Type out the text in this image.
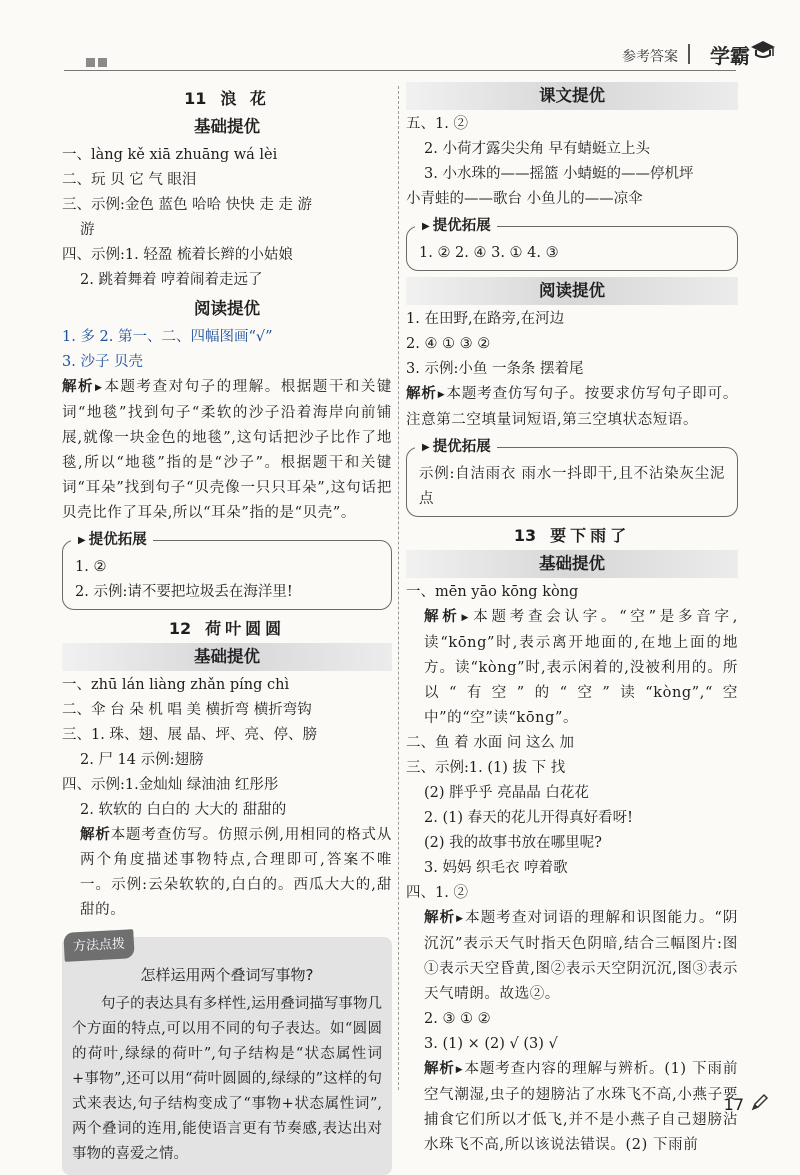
参考答案 学霸
11 浪 花
基础提优
一、làng kě xiā zhuāng wá lèi
二、玩 贝 它 气 眼泪
三、示例:金色 蓝色 哈哈 快快 走 走 游
游
四、示例:1. 轻盈 梳着长辫的小姑娘
2. 跳着舞着 哼着闹着走远了
阅读提优
1. 多 2. 第一、二、四幅图画“√”
3. 沙子 贝壳
解析▶本题考查对句子的理解。根据题干和关键词“地毯”找到句子“柔软的沙子沿着海岸向前铺展,就像一块金色的地毯”,这句话把沙子比作了地毯,所以“地毯”指的是“沙子”。根据题干和关键词“耳朵”找到句子“贝壳像一只只耳朵”,这句话把贝壳比作了耳朵,所以“耳朵”指的是“贝壳”。
▶ 提优拓展
1. ②
2. 示例:请不要把垃圾丢在海洋里!
12 荷叶圆圆
基础提优
一、zhū lán liàng zhǎn píng chì
二、伞 台 朵 机 唱 美 横折弯 横折弯钩
三、1. 珠、翅、展 晶、坪、亮、停、膀
2. 尸 14 示例:翅膀
四、示例:1.金灿灿 绿油油 红彤彤
2. 软软的 白白的 大大的 甜甜的
解析本题考查仿写。仿照示例,用相同的格式从两个角度描述事物特点,合理即可,答案不唯一。示例:云朵软软的,白白的。西瓜大大的,甜甜的。
方法点拨
怎样运用两个叠词写事物?
句子的表达具有多样性,运用叠词描写事物几个方面的特点,可以用不同的句子表达。如“圆圆的荷叶,绿绿的荷叶”,句子结构是“状态属性词+事物”,还可以用“荷叶圆圆的,绿绿的”这样的句式来表达,句子结构变成了“事物+状态属性词”,两个叠词的连用,能使语言更有节奏感,表达出对事物的喜爱之情。
课文提优
五、1. ②
2. 小荷才露尖尖角 早有蜻蜓立上头
3. 小水珠的——摇篮 小蜻蜓的——停机坪
小青蛙的——歌台 小鱼儿的——凉伞
▶ 提优拓展
1. ② 2. ④ 3. ① 4. ③
阅读提优
1. 在田野,在路旁,在河边
2. ④ ① ③ ②
3. 示例:小鱼 一条条 摆着尾
解析▶本题考查仿写句子。按要求仿写句子即可。注意第二空填量词短语,第三空填状态短语。
▶ 提优拓展
示例:自洁雨衣 雨水一抖即干,且不沾染灰尘泥点
13 要下雨了
基础提优
一、mēn yāo kōng kòng
解析▶本题考查会认字。“空”是多音字,读“kōng”时,表示离开地面的,在地上面的地方。读“kòng”时,表示闲着的,没被利用的。所以“有空”的“空”读“kòng”,“空中”的“空”读“kōng”。
二、鱼 着 水面 问 这么 加
三、示例:1. (1) 拔 下 找
(2) 胖乎乎 亮晶晶 白花花
2. (1) 春天的花儿开得真好看呀!
(2) 我的故事书放在哪里呢?
3. 妈妈 织毛衣 哼着歌
四、1. ②
解析▶本题考查对词语的理解和识图能力。“阴沉沉”表示天气时指天色阴暗,结合三幅图片:图①表示天空昏黄,图②表示天空阴沉沉,图③表示天气晴朗。故选②。
2. ③ ① ②
3. (1) × (2) √ (3) √
解析▶本题考查内容的理解与辨析。(1) 下雨前空气潮湿,虫子的翅膀沾了水珠飞不高,小燕子要捕食它们所以才低飞,并不是小燕子自己翅膀沾水珠飞不高,所以该说法错误。(2) 下雨前
17
